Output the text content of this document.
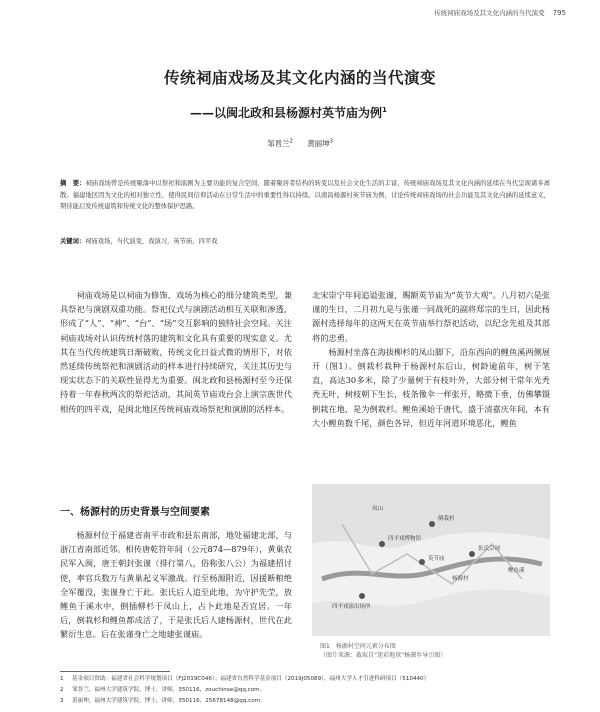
传统祠庙戏场及其文化内涵的当代演变 795
传统祠庙戏场及其文化内涵的当代演变
——以闽北政和县杨源村英节庙为例$^1$
邹晋兰$^2$ 黄丽坤$^3$
摘　要：祠庙戏场曾是传统聚落中以祭祀和演剧为主要功能的复合空间，随着聚居者结构的转变以及社会文化生活的丰富，传统祠庙戏场及其文化内涵的延续在当代呈现诸多离散。福建地区因为文化的相对独立性，使得民间信仰活动在日常生活中的重要性得以持续。以南昌杨源村英节庙为例，讨论传统祠庙戏场的社会功能及其文化内涵的延续意义，期待能启发传统建筑和传统文化的整体保护思路。
关键词：祠庙戏场，当代演变，戏演习，英节庙，四平戏

祠庙戏场是以祠庙为修饰、戏场为核心的细分建筑类型，兼具祭祀与演剧双重功能。祭祀仪式与演剧活动相互关联和渗透，形成了“人”、“神”、“台”、“场”交互影响的独特社会空间。关注祠庙戏场对认识传统村落的建筑和文化具有重要的现实意义。尤其在当代传统建筑日渐破败，传统文化日益式微的情形下，对依然延续传统祭祀和演剧活动的样本进行持续研究，关注其历史与现实状态下的关联性显得尤为重要。闽北政和县杨源村至今还保持着一年春秋两次的祭祀活动，其间英节庙戏台会上演宗族世代相传的四平戏，是闽北地区传统祠庙戏场祭祀和演剧的活样本。

一、杨源村的历史背景与空间要素

杨源村位于福建省南平市政和县东南部，地处福建北部，与浙江省南部近邻。相传唐乾符年间（公元874—879年），黄巢农民军入闽，唐王朝封张谨（排行第八，俗称张八公）为福建招讨使，率官兵数万与黄巢起义军激战。行至杨源附近，因援断粮绝全军覆没，张谨身亡于此。张氏后人追至此地，为守护先茔，放鲤鱼于溪水中，倒插柳杉于凤山上，占卜此地是否宜居。一年后，倒栽杉和鲤鱼都成活了，于是张氏后人建杨源村，世代在此繁衍生息。后在张谨身亡之地建张谨庙。

北宋崇宁年间追谥张谨，赐额英节庙为“英节大观”。八月初六是张谨的生日，二月初九是与张谨一同战死的副将郑宗的生日，因此杨源村选择每年的这两天在英节庙举行祭祀活动，以纪念先祖及其部将的忠勇。

杨源村坐落在海拔柳杉的凤山脚下，沿东西向的鲤鱼溪两侧展开（图1）。倒栽杉栽种于杨源村东后山，树龄逾前年，树干笔直，高达30多米，除了少量树干有枝叶外，大部分树干常年光秃秃无叶，树枝朝下生长，枝条像伞一样张开，略微下垂，仿佛攀镊倒栽在地，是为倒栽杉。鲤鱼溪始于唐代，盛于清嘉庆年间，本有大小鲤鱼数千尾，颜色各异，但近年河道环境恶化，鲤鱼

倒栽杉
四平戏博物馆
英节庙
杨源村
张氏宗祠
鲤鱼溪
四平戏演出场所
凤山
图1　杨源村空间元素分布图
（图片来源：截取自“迷彩地球”杨源乡导引图）
1 基金项目资助：福建省社会科学规划项目（FJ2019C046）；福建省自然科学基金项目（2019J05089），福州大学人才引进科研项目（510440）
2 邹晋兰，福州大学建筑学院，博士，讲师，350116，zouchinse@qq.com。
3 黄丽坤，福州大学建筑学院，博士，讲师，350116，25678148@qq.com。
